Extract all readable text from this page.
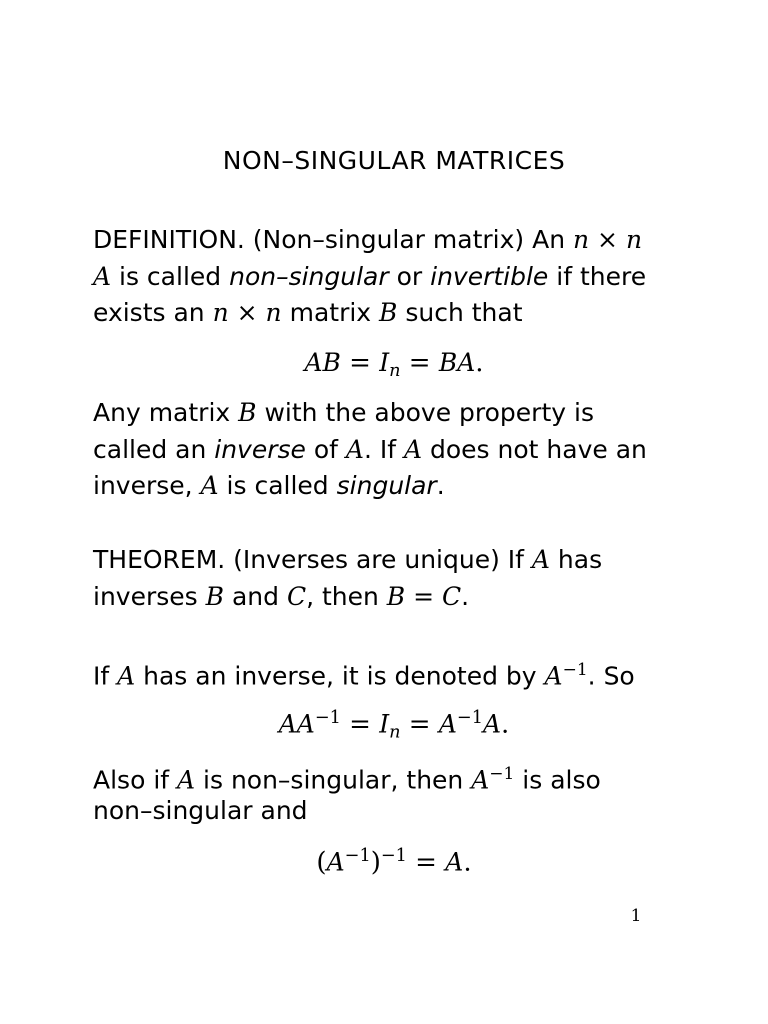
NON–SINGULAR MATRICES
DEFINITION. (Non–singular matrix) An n × n
A is called non–singular or invertible if there
exists an n × n matrix B such that
AB = $I_n$ = BA.
Any matrix B with the above property is
called an inverse of A. If A does not have an
inverse, A is called singular.
THEOREM. (Inverses are unique) If A has
inverses B and C, then B = C.
If A has an inverse, it is denoted by $A^{-1}$. So
$AA^{-1} = I_n = A^{-1}A$.
Also if A is non–singular, then $A^{-1}$ is also
non–singular and
$(A^{-1})^{-1} = A$.
1
